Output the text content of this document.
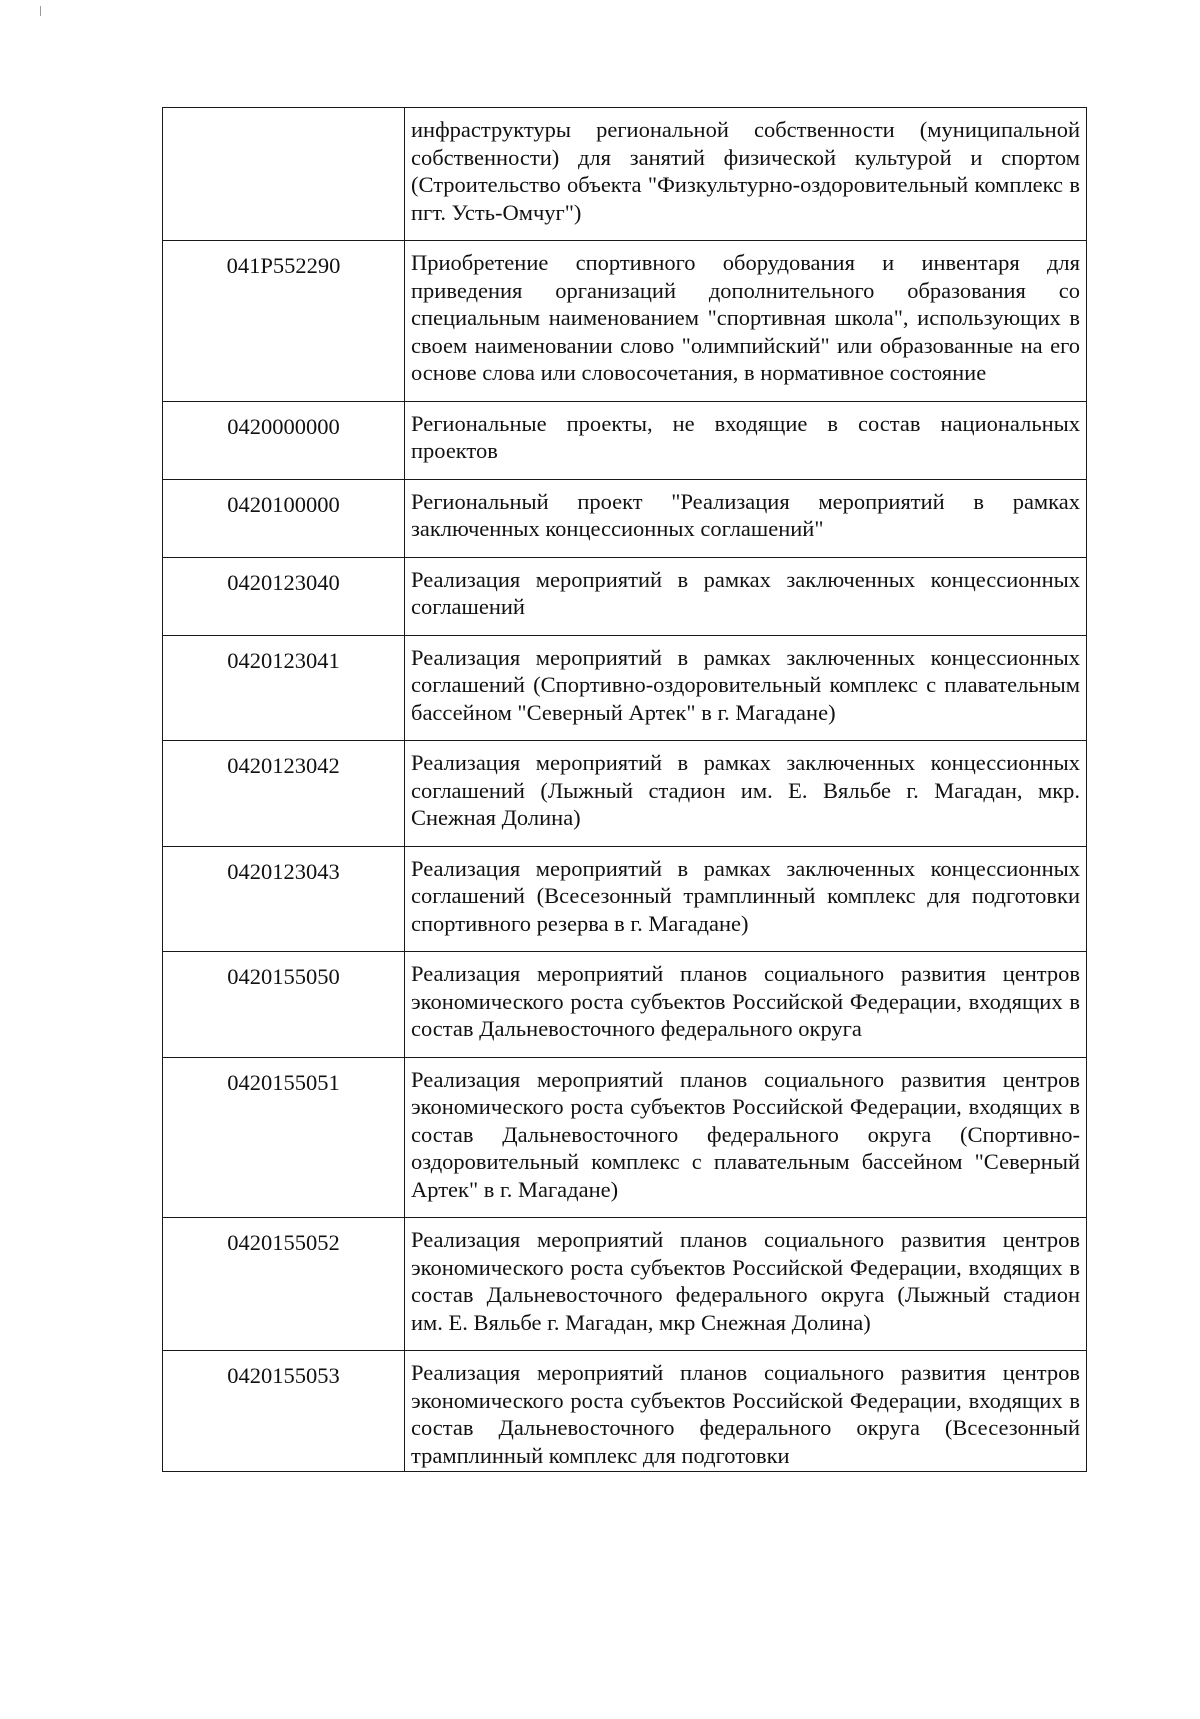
	инфраструктуры региональной собственности (муниципальной собственности) для занятий физической культурой и спортом (Строительство объекта "Физкультурно-оздоровительный комплекс в пгт. Усть-Омчуг")
041P552290	Приобретение спортивного оборудования и инвентаря для приведения организаций дополнительного образования со специальным наименованием "спортивная школа", использующих в своем наименовании слово "олимпийский" или образованные на его основе слова или словосочетания, в нормативное состояние
0420000000	Региональные проекты, не входящие в состав национальных проектов
0420100000	Региональный проект "Реализация мероприятий в рамках заключенных концессионных соглашений"
0420123040	Реализация мероприятий в рамках заключенных концессионных соглашений
0420123041	Реализация мероприятий в рамках заключенных концессионных соглашений (Спортивно-оздоровительный комплекс с плавательным бассейном "Северный Артек" в г. Магадане)
0420123042	Реализация мероприятий в рамках заключенных концессионных соглашений (Лыжный стадион им. Е. Вяльбе г. Магадан, мкр. Снежная Долина)
0420123043	Реализация мероприятий в рамках заключенных концессионных соглашений (Всесезонный трамплинный комплекс для подготовки спортивного резерва в г. Магадане)
0420155050	Реализация мероприятий планов социального развития центров экономического роста субъектов Российской Федерации, входящих в состав Дальневосточного федерального округа
0420155051	Реализация мероприятий планов социального развития центров экономического роста субъектов Российской Федерации, входящих в состав Дальневосточного федерального округа (Спортивно-оздоровительный комплекс с плавательным бассейном "Северный Артек" в г. Магадане)
0420155052	Реализация мероприятий планов социального развития центров экономического роста субъектов Российской Федерации, входящих в состав Дальневосточного федерального округа (Лыжный стадион им. Е. Вяльбе г. Магадан, мкр Снежная Долина)
0420155053	Реализация мероприятий планов социального развития центров экономического роста субъектов Российской Федерации, входящих в состав Дальневосточного федерального округа (Всесезонный трамплинный комплекс для подготовки
